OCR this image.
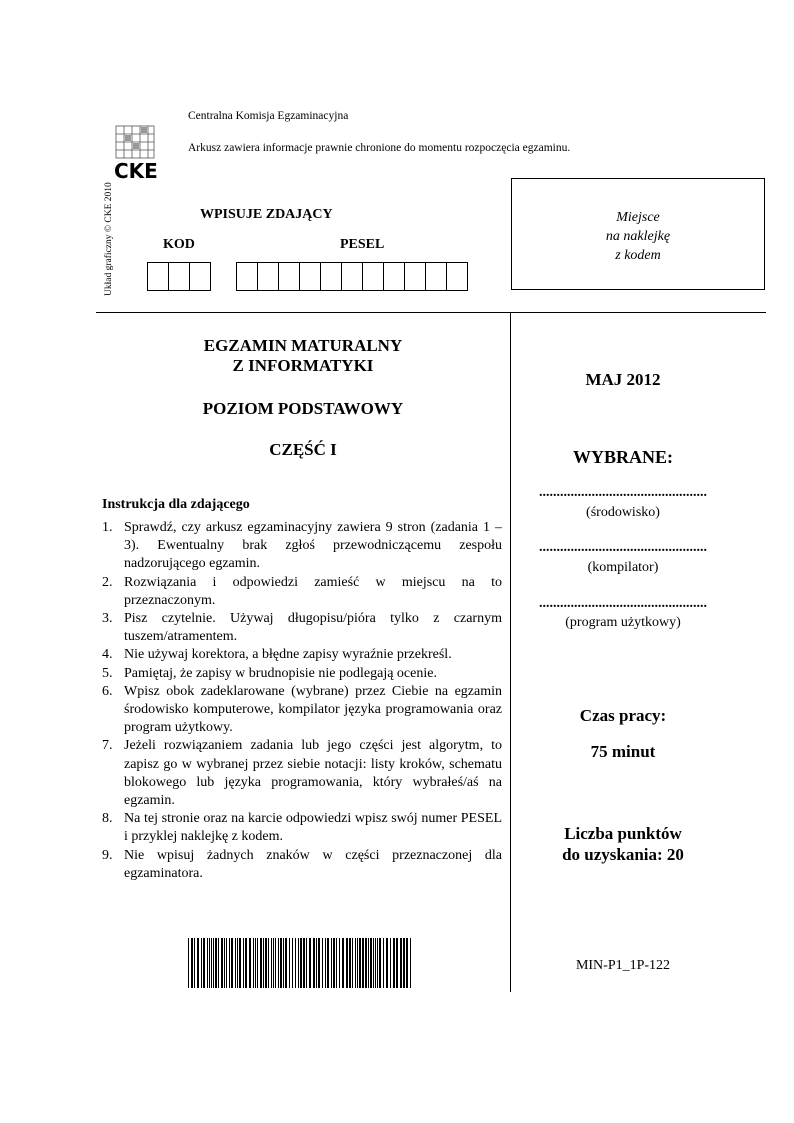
CKE
Centralna Komisja Egzaminacyjna
Arkusz zawiera informacje prawnie chronione do momentu rozpoczęcia egzaminu.
Układ graficzny © CKE 2010	WPISUJE ZDAJĄCY
KOD	PESEL
Miejsce
na naklejkę
z kodem
EGZAMIN MATURALNY
Z INFORMATYKI
POZIOM PODSTAWOWY
CZĘŚĆ I
MAJ 2012
WYBRANE:
................................................
(środowisko)
................................................
(kompilator)
................................................
(program użytkowy)
Czas pracy:
75 minut
Liczba punktów
do uzyskania: 20
MIN-P1_1P-122
Instrukcja dla zdającego
1. Sprawdź, czy arkusz egzaminacyjny zawiera 9 stron (zadania 1 – 3). Ewentualny brak zgłoś przewodniczącemu zespołu nadzorującego egzamin.
2. Rozwiązania i odpowiedzi zamieść w miejscu na to przeznaczonym.
3. Pisz czytelnie. Używaj długopisu/pióra tylko z czarnym tuszem/atramentem.
4. Nie używaj korektora, a błędne zapisy wyraźnie przekreśl.
5. Pamiętaj, że zapisy w brudnopisie nie podlegają ocenie.
6. Wpisz obok zadeklarowane (wybrane) przez Ciebie na egzamin środowisko komputerowe, kompilator języka programowania oraz program użytkowy.
7. Jeżeli rozwiązaniem zadania lub jego części jest algorytm, to zapisz go w wybranej przez siebie notacji: listy kroków, schematu blokowego lub języka programowania, który wybrałeś/aś na egzamin.
8. Na tej stronie oraz na karcie odpowiedzi wpisz swój numer PESEL i przyklej naklejkę z kodem.
9. Nie wpisuj żadnych znaków w części przeznaczonej dla egzaminatora.
